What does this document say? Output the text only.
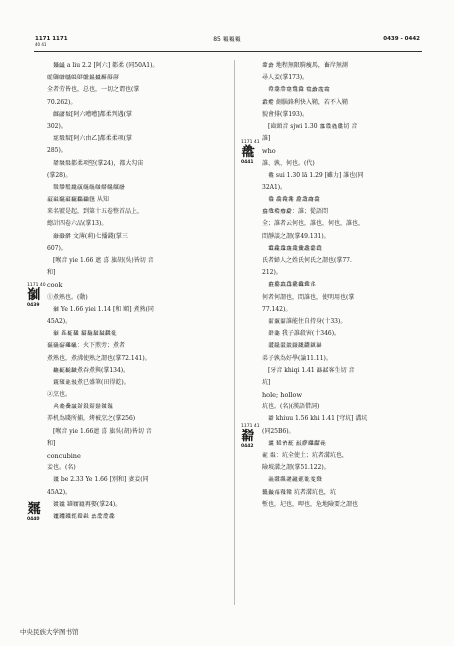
1171 1171
40 41
85 𘔢𘔢𘔢	0439 - 0442
𘕀𘕁 a liu 2.2 [阿六] 都柔 (同50A1)。
𘕂𘕃𘕄𘕅𘕆𘕇𘕈𘕉𘕊𘕋𘕌𘕍
全者劳皆也，总也，一切之谓也(掌
70.262)。
𘕎𘕏𘕐[阿六嘈嘈]都柔判遇(掌
302)。
𘕑𘕒𘕓[阿六由乙]都柔柔项(掌
285)。
𘕔𘕕𘕖都柔项堅(掌24)，都大勾宙
(掌28)。
𘕗𘕘𘕙𘕚𘕛𘕜𘕝𘕞𘕟𘕠𘕡𘕢
𘕣𘕤𘕥𘕦𘕧𘕨𘕩𘕪 从知
来名號是起，到第十五卷整首品上，
總計四卷六品(掌13)。
𘕫𘕬𘕭 文薄(莉)七播錢(掌三
607)。
[喉音 yie 1.66 遮 喜 旗胡(吳)皆切 音
和]
cook
①煮熟也。(動)
𘕮 Ye 1.66 yiei 1.14 [和 頤] 煮熟(同
45A2)。
𘕯 𘕰𘕱𘕲 𘕳𘕴𘕵𘕶𘕷𘕸
𘕹𘕺𘕻𘕼𘕽：火下煎旁；煮者
煮熟也，煮沸使熟之謂也(掌72.141)。
𘕾𘕿𘖀𘖁煮吞煮與(掌134)。
𘖂𘖃𘖄𘖅煮已盛筆(田得乾)。
②烹也。
𘖆𘖇𘖈𘖉𘖊𘖋𘖌𘖍𘖎𘖏
养机為賤所捕，烤被烹之(掌256)
[喉音 yie 1.66遮 喜 旗吳(胡)皆切 音
和]
concubine
妾也。(名)
𘖐 be 2.33 Ye 1.66 [別和] 妻妾(同
45A2)。
𘖑𘖒 𘖓𘖔𘖕再娶(掌24)。
𘖖𘖗𘖘𘖙𘖚𘖛 𘖜𘖝𘖞𘖟
𘖠𘖡 地程無限騎瘦馬，畜岸無測
尋人妾(掌173)。
𘖢𘖣𘖤𘖥𘖦𘖧 𘖨𘖩𘖪𘖫
𘖬𘖭 劍腦鋒利快入鞘，若不入鞘
貌會排(掌193)。
[齒頭音 sjwi 1.30 𘖮𘖯𘖰𘖱切 音
誰]
who
誰、孰、何也。(代)
𘖲 sui 1.30 lā 1.29 [雖力] 誰也(同
32A1)。
𘖳 𘖴𘖵𘖶 𘖷𘖸𘖹𘖺
𘖻𘖼𘖽𘖾𘖿：誰；從語問
全；誰者云何也，誰也，何也，誰也，
問靜談之謂(掌49.131)。
𘗀𘗁𘗂𘗃𘗄𘗅𘗆𘗇𘗈
氏者婦人之姓氏何氏之謂也(掌77.
212)。
𘗉𘗊𘗋𘗌𘗍𘗎𘗏𘗐
何者何謂也，問誰也，使明用也(掌
77.142)。
𘗑𘗒𘗓誰能住自持身(十33)。
𘗔𘗕 我子誰殺害(十346)。
𘗖𘗗𘗘𘗙𘗚𘗛𘗜𘗝𘗞
弟子孰為好學(論11.11)。
[牙音 khiqi 1.41 𘗟𘗠客生切 音
坑]
hole; hollow
坑也。(名)(漢語借詞)
𘗡 khiuu 1.56 khi 1.41 [穹坑] 溝坑
(同25B6)。
𘗢 𘗣𘗤𘗥 𘗦𘗧𘗨𘗩𘗪
𘗫 𘗬：坑全使土；坑者溝坑也，
險坡溝之謂(掌51.122)。
𘗭𘗮𘗯𘗰𘗱𘗲𘗳𘗴𘗵
𘗶𘗷𘗸𘗹𘗺 坑者溝坑也，坑
塹也，圮也，呷也，危地險要之謂也
1171 40
𘕮
0439
𘖐
0440
1171 41
𘖲
0441
1171 41
𘗡
0442
中央民族大学图书馆
